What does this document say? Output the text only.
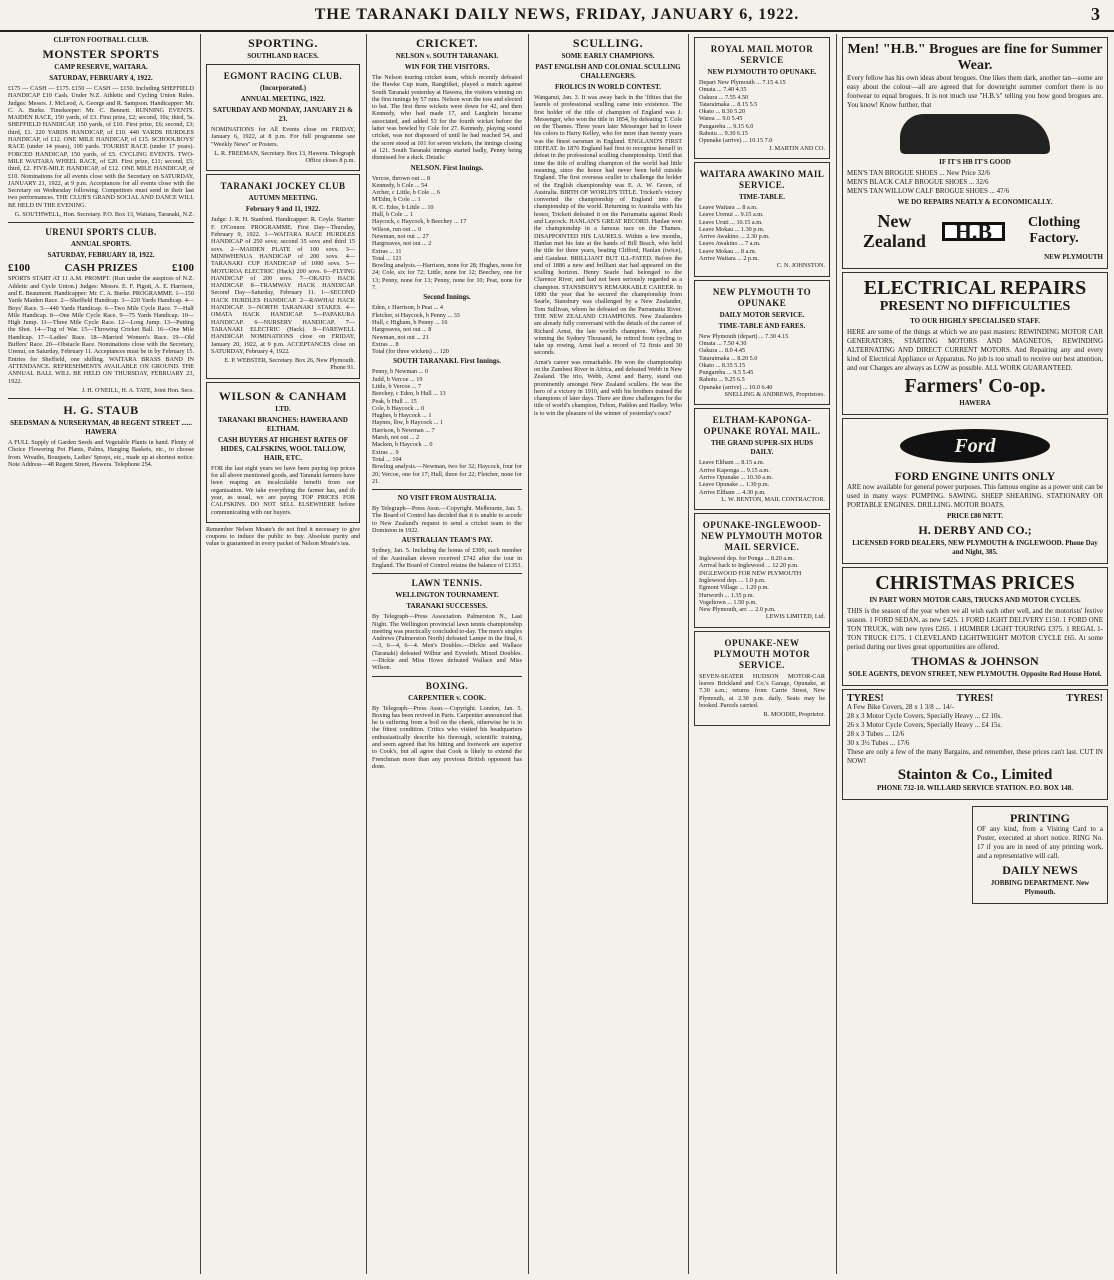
THE TARANAKI DAILY NEWS, FRIDAY, JANUARY 6, 1922.	3
CLIFTON FOOTBALL CLUB.
MONSTER SPORTS
CAMP RESERVE, WAITARA.
SATURDAY, FEBRUARY 4, 1922.

£175 — CASH — £175. £150 — CASH — £150. Including SHEFFIELD HANDICAP £10 Cash. Under N.Z. Athletic and Cycling Union Rules. Judges: Messrs. J. McLeod, A. George and R. Sampson. Handicapper: Mr. C. A. Burke. Timekeeper: Mr. C. Bennett. RUNNING EVENTS. MAIDEN RACE, 150 yards, of £3. First prize, £2; second, 10s; third, 5s. SHEFFIELD HANDICAP, 150 yards, of £10. First prize, £6; second, £3; third, £1. 220 YARDS HANDICAP, of £10. 440 YARDS HURDLES HANDICAP, of £12. ONE MILE HANDICAP, of £15. SCHOOLBOYS' RACE (under 14 years), 100 yards. TOURIST RACE (under 17 years). FORCED HANDICAP, 150 yards, of £5. CYCLING EVENTS. TWO-MILE WAITARA WHEEL RACE, of £20. First prize, £11; second, £5; third, £2. FIVE-MILE HANDICAP, of £12. ONE MILE HANDICAP, of £10. Nominations for all events close with the Secretary on SATURDAY, JANUARY 21, 1922, at 9 p.m. Acceptances for all events close with the Secretary on Wednesday following. Competitors must send in their last two performances. THE CLUB'S GRAND SOCIAL AND DANCE WILL BE HELD IN THE EVENING.

G. SOUTHWELL, Hon. Secretary. P.O. Box 13, Waitara, Taranaki, N.Z.

URENUI SPORTS CLUB.
ANNUAL SPORTS.
SATURDAY, FEBRUARY 18, 1922.
£100	CASH PRIZES	£100

SPORTS START AT 11 A.M. PROMPT. (Run under the auspices of N.Z. Athletic and Cycle Union.) Judges: Messrs. E. F. Pigott, A. E. Harrison, and E. Beaumont. Handicapper: Mr. C. A. Burke. PROGRAMME. 1—150 Yards Maiden Race. 2—Sheffield Handicap. 3—220 Yards Handicap. 4—Boys' Race. 5—440 Yards Handicap. 6—Two Mile Cycle Race. 7—Half Mile Handicap. 8—One Mile Cycle Race. 9—75 Yards Handicap. 10—High Jump. 11—Three Mile Cycle Race. 12—Long Jump. 13—Putting the Shot. 14—Tug of War. 15—Throwing Cricket Ball. 16—One Mile Handicap. 17—Ladies' Race. 18—Married Women's Race. 19—Old Buffers' Race. 20—Obstacle Race. Nominations close with the Secretary, Urenui, on Saturday, February 11. Acceptances must be in by February 15. Entries for Sheffield, one shilling. WAITARA BRASS BAND IN ATTENDANCE. REFRESHMENTS AVAILABLE ON GROUND. THE ANNUAL BALL WILL BE HELD ON THURSDAY, FEBRUARY 23, 1922.

J. H. O'NEILL, H. A. TATE, Joint Hon. Secs.

H. G. STAUB
SEEDSMAN & NURSERYMAN, 48 REGENT STREET ...... HAWERA

A FULL Supply of Garden Seeds and Vegetable Plants in hand. Plenty of Choice Flowering Pot Plants, Palms, Hanging Baskets, etc., to choose from. Wreaths, Bouquets, Ladies' Sprays, etc., made up at shortest notice. Note Address—48 Regent Street, Hawera. Telephone 254.

SPORTING.
SOUTHLAND RACES.
EGMONT RACING CLUB.
(Incorporated.)
ANNUAL MEETING, 1922.
SATURDAY AND MONDAY, JANUARY 21 & 23.

NOMINATIONS for All Events close on FRIDAY, January 6, 1922, at 8 p.m. For full programme see "Weekly News" or Posters.

L. R. FREEMAN, Secretary. Box 13, Hawera. Telegraph Office closes 8 p.m.

TARANAKI JOCKEY CLUB
AUTUMN MEETING.
February 9 and 11, 1922.

Judge: J. R. H. Stanford. Handicapper: R. Coyle. Starter: F. O'Connor. PROGRAMME. First Day—Thursday, February 9, 1922. 1—WAITARA RACE HURDLES HANDICAP of 250 sovs; second 35 sovs and third 15 sovs. 2—MAIDEN PLATE of 100 sovs. 3—MINIWHENUA HANDICAP of 200 sovs. 4—TARANAKI CUP HANDICAP of 1000 sovs. 5—MOTUROA ELECTRIC (Hack) 200 sovs. 6—FLYING HANDICAP of 200 sovs. 7—OKATO HACK HANDICAP. 8—TRAMWAY HACK HANDICAP. Second Day—Saturday, February 11. 1—SECOND HACK HURDLES HANDICAP. 2—RAWHAI HACK HANDICAP. 3—NORTH TARANAKI STAKES. 4—OMATA HACK HANDICAP. 5—PAPAKURA HANDICAP. 6—NURSERY HANDICAP. 7—TARANAKI ELECTRIC (Hack). 8—FAREWELL HANDICAP. NOMINATIONS close on FRIDAY, January 20, 1922, at 9 p.m. ACCEPTANCES close on SATURDAY, February 4, 1922.

E. P. WEBSTER, Secretary. Box 26, New Plymouth. Phone 91.

WILSON & CANHAM
LTD.
TARANAKI BRANCHES: HAWERA AND ELTHAM.
CASH BUYERS AT HIGHEST RATES OF HIDES, CALFSKINS, WOOL TALLOW, HAIR, ETC.

FOR the last eight years we have been paying top prices for all above mentioned goods, and Taranaki farmers have been reaping an incalculable benefit from our organisation. We take everything the farmer has, and th year, as usual, we are paying TOP PRICES FOR CALFSKINS. DO NOT SELL ELSEWHERE before communicating with our buyers.

Remember Nelson Moate's do not find it necessary to give coupons to induce the public to buy. Absolute purity and value is guaranteed in every packet of Nelson Moate's tea.

CRICKET.
NELSON v. SOUTH TARANAKI.
WIN FOR THE VISITORS.

The Nelson touring cricket team, which recently defeated the Hawke Cup team, Rangitikei, played a match against South Taranaki yesterday at Hawera, the visitors winning on the first innings by 57 runs. Nelson won the toss and elected to bat. The first three wickets were down for 42, and then Kennedy, who had made 17, and Langbein became associated, and added 53 for the fourth wicket before the latter was bowled by Cole for 27. Kennedy, playing sound cricket, was not dispossed of until he had reached 54, and the score stood at 101 for seven wickets, the innings closing at 121. South Taranaki innings started badly, Penny being dismissed for a duck. Details:

NELSON. First Innings.
Vercoe, thrown out ... 8
Kennedy, b Cole ... 54
Archer, c Little, b Cole ... 6
M'Edm, b Cole ... 1
R. C. Edes, b Little ... 10
Hull, b Cole ... 1
Haycock, c Haycock, b Beechey ... 17
Wilson, run out ... 0
Newman, not out ... 27
Hargreaves, not out ... 2
Extras ... 11
Total ... 121

Bowling analysis.—Harrison, none for 28; Hughes, none for 24; Cole, six for 72; Little, none for 12; Beechey, one for 13; Penny, none for 13; Penny, none for 10; Peat, none for 7.

Second Innings.
Eden, c Harrison, b Peat ... 4
Fletcher, st Haycock, b Penny ... 33
Hull, c Higham, b Penny ... 16
Hargreaves, not out ... 8
Newman, not out ... 21
Extras ... 8
Total (for three wickets) ... 120
SOUTH TARANAKI. First Innings.
Penny, b Newman ... 0
Judd, b Vercoe ... 19
Little, b Vercoe ... 7
Beechey, c Eden, b Hull ... 13
Peak, b Hull ... 15
Cole, b Haycock ... 0
Hughes, b Haycock ... 1
Haynes, lbw, b Haycock ... 1
Harrison, b Newman ... 7
Marsh, not out ... 2
Macken, b Haycock ... 0
Extras ... 9
Total ... 104

Bowling analysis.—Newman, two for 32; Haycock, four for 20; Vercoe, one for 17; Hull, three for 22; Fletcher, none for 21.

NO VISIT FROM AUSTRALIA.

By Telegraph—Press Assn.—Copyright. Melbourne, Jan. 5. The Board of Control has decided that it is unable to accede to New Zealand's request to send a cricket team to the Dominion in 1922.

AUSTRALIAN TEAM'S PAY.

Sydney, Jan. 5. Including the bonus of £300, each member of the Australian eleven received £742 after the tour in England. The Board of Control retains the balance of £1353.

LAWN TENNIS.
WELLINGTON TOURNAMENT.
TARANAKI SUCCESSES.

By Telegraph—Press Association. Palmerston N., Last Night. The Wellington provincial lawn tennis championship meeting was practically concluded to-day. The men's singles Andrews (Palmerston North) defeated Lampe in the final, 6—3, 6—4, 6—4. Men's Doubles.—Dickie and Wallace (Taranaki) defeated Wilbur and Eyveleth. Mixed Doubles.—Dickie and Miss Howe defeated Wallace and Miss Wilson.

BOXING.
CARPENTIER v. COOK.

By Telegraph—Press Assn.—Copyright. London, Jan. 5. Boxing has been revived in Paris. Carpentier announced that he is suffering from a boil on the cheek, otherwise he is in the fittest condition. Critics who visited his headquarters enthusiastically describe his thorough, scientific training, and seem agreed that his hitting and footwork are superior to Cook's, but all agree that Cook is likely to extend the Frenchman more than any previous British opponent has done.

SCULLING.
SOME EARLY CHAMPIONS.
PAST ENGLISH AND COLONIAL SCULLING CHALLENGERS.
FROLICS IN WORLD CONTEST.

Wanganui, Jan. 3. It was away back in the 'fifties that the laurels of professional sculling came into existence. The first holder of the title of champion of England was J. Messenger, who won the title in 1854, by defeating T. Cole on the Thames. Three years later Messenger had to lower his colors to Harry Kelley, who for more than twenty years was the finest oarsman in England. ENGLAND'S FIRST DEFEAT. In 1876 England had first to recognise herself in defeat in the professional sculling championship. Until that time the title of sculling champion of the world had little meaning, since the honor had never been held outside England. The first overseas sculler to challenge the holder of the English championship was E. A. W. Green, of Australia. BIRTH OF WORLD'S TITLE. Trickett's victory converted the championship of England into the championship of the world. Returning to Australia with his honor, Trickett defeated it on the Parramatta against Rush and Laycock. HANLAN'S GREAT RECORD. Hanlan won the championship in a famous race on the Thames. DISAPPOINTED HIS LAURELS. Within a few months, Hanlan met his fate at the hands of Bill Beach, who held the title for three years, beating Clifford, Hanlan (twice), and Gaudaur. BRILLIANT BUT ILL-FATED. Before the end of 1886 a new and brilliant star had appeared on the sculling horizon. Henry Searle had belonged to the Clarence River, and had not been seriously regarded as a champion. STANSBURY'S REMARKABLE CAREER. In 1890 the year that he secured the championship from Searle, Stansbury was challenged by a New Zealander, Tom Sullivan, whom he defeated on the Parramatta River. THE NEW ZEALAND CHAMPIONS. New Zealanders are already fully conversant with the details of the career of Richard Arnst, the late world's champion. When, after winning the Sydney Thousand, he retired from cycling to take up rowing, Arnst had a record of 72 firsts and 30 seconds.

Arnst's career was remarkable. He won the championship on the Zambesi River in Africa, and defeated Webb in New Zealand. The trio, Webb, Arnst and Barry, stand out prominently amongst New Zealand scullers. He was the hero of a victory in 1910, and with his brothers trained the champions of later days. There are three challengers for the title of world's champion, Felton, Paddon and Hadley. Who is to win the pleasure of the winner of yesterday's race?

ROYAL MAIL MOTOR SERVICE
NEW PLYMOUTH TO OPUNAKE.
Depart New Plymouth ... 7.15 4.15
Omata ... 7.40 4.35
Oakura ... 7.55 4.50
Tataraimaka ... 8.15 5.5
Okato ... 8.30 5.20
Warea ... 9.0 5.45
Pungarehu ... 9.15 6.0
Rahotu ... 9.30 6.15
Opunake (arrive) ... 10.15 7.0

J. MARTIN AND CO.

WAITARA AWAKINO MAIL SERVICE.
TIME-TABLE.
Leave Waitara ... 8 a.m.
Leave Urenui ... 9.15 a.m.
Leave Uruti ... 10.15 a.m.
Leave Mokau ... 1.30 p.m.
Arrive Awakino ... 2.30 p.m.
Leave Awakino ... 7 a.m.
Leave Mokau ... 8 a.m.
Arrive Waitara ... 2 p.m.

C. N. JOHNSTON.

NEW PLYMOUTH TO OPUNAKE
DAILY MOTOR SERVICE.
TIME-TABLE AND FARES.
New Plymouth (depart) ... 7.30 4.15
Omata ... 7.50 4.30
Oakura ... 8.0 4.45
Tataraimaka ... 8.20 5.0
Okato ... 8.35 5.15
Pungarehu ... 9.5 5.45
Rahotu ... 9.25 6.5
Opunake (arrive) ... 10.0 6.40

SNELLING & ANDREWS, Proprietors.

ELTHAM-KAPONGA-OPUNAKE ROYAL MAIL.
THE GRAND SUPER-SIX HUDS DAILY.
Leave Eltham ... 8.15 a.m.
Arrive Kaponga ... 9.15 a.m.
Arrive Opunake ... 10.30 a.m.
Leave Opunake ... 1.30 p.m.
Arrive Eltham ... 4.30 p.m.

L. W. BENTON, MAIL CONTRACTOR.

OPUNAKE-INGLEWOOD-NEW PLYMOUTH MOTOR MAIL SERVICE.
Inglewood dep. for Ponga ... 8.20 a.m.
Arrival back to Inglewood ... 12.20 p.m.
INGLEWOOD FOR NEW PLYMOUTH
Inglewood dep. ... 1.0 p.m.
Egmont Village ... 1.20 p.m.
Hurworth ... 1.35 p.m.
Vogeltown ... 1.50 p.m.
New Plymouth, arr. ... 2.0 p.m.

LEWIS LIMITED, Ltd.

OPUNAKE-NEW PLYMOUTH MOTOR SERVICE.

SEVEN-SEATER HUDSON MOTOR-CAR leaves Brickland and Co.'s Garage, Opunake, at 7.30 a.m.; returns from Carrie Street, New Plymouth, at 2.30 p.m. daily. Seats may be booked. Parcels carried.

R. MOODIE, Proprietor.

Men! "H.B." Brogues are fine for Summer Wear.

Every fellow has his own ideas about brogues. One likes them dark, another tan—some are easy about the colour—all are agreed that for downright summer comfort there is no footwear to equal brogues. It is not much use "H.B.'s" telling you how good brogues are. You know! Know further, that

IF IT'S HB IT'S GOOD
MEN'S TAN BROGUE SHOES ... New Price 32/6
MEN'S BLACK CALF BROGUE SHOES ... 32/6
MEN'S TAN WILLOW CALF BROGUE SHOES ... 47/6
WE DO REPAIRS NEATLY & ECONOMICALLY.
New Zealand	H.B	Clothing Factory.
NEW PLYMOUTH
ELECTRICAL REPAIRS
PRESENT NO DIFFICULTIES
TO OUR HIGHLY SPECIALISED STAFF.

HERE are some of the things at which we are past masters: REWINDING MOTOR CAR GENERATORS, STARTING MOTORS AND MAGNETOS, REWINDING ALTERNATING AND DIRECT CURRENT MOTORS. And Repairing any and every kind of Electrical Appliance or Apparatus. No job is too small to receive our best attention, and our Charges are always as LOW as possible. ALL WORK GUARANTEED.

Farmers' Co-op.
HAWERA
Ford
FORD ENGINE UNITS ONLY

ARE now available for general power purposes. This famous engine as a power unit can be used in many ways: PUMPING. SAWING. SHEEP SHEARING. STATIONARY OR PORTABLE ENGINES. DRILLING. MOTOR BOATS.

PRICE £80 NETT.
H. DERBY AND CO.;
LICENSED FORD DEALERS, NEW PLYMOUTH & INGLEWOOD. Phone Day and Night, 385.
CHRISTMAS PRICES
IN PART WORN MOTOR CARS, TRUCKS AND MOTOR CYCLES.

THIS is the season of the year when we all wish each other well, and the motorists' festive season. 1 FORD SEDAN, as new £425. 1 FORD LIGHT DELIVERY £150. 1 FORD ONE TON TRUCK, with new tyres £265. 1 HUMBER LIGHT TOURING £375. 1 REGAL 1-TON TRUCK £175. 1 CLEVELAND LIGHTWEIGHT MOTOR CYCLE £65. At some period during our lives great opportunities are offered.

THOMAS & JOHNSON
SOLE AGENTS, DEVON STREET, NEW PLYMOUTH. Opposite Red House Hotel.
TYRES!	TYRES!	TYRES!
A Few Bike Covers, 28 x 1 3/8 ... 14/-
28 x 3 Motor Cycle Covers, Specially Heavy ... £2 10s.
26 x 3 Motor Cycle Covers, Specially Heavy ... £4 15s.
28 x 3 Tubes ... 12/6
30 x 3½ Tubes ... 17/6

These are only a few of the many Bargains, and remember, these prices can't last. CUT IN NOW!

Stainton & Co., Limited
PHONE 732-10. WILLARD SERVICE STATION. P.O. BOX 148.
PRINTING

OF any kind, from a Visiting Card to a Poster, executed at short notice. RING No. 17 if you are in need of any printing work, and a representative will call.

DAILY NEWS
JOBBING DEPARTMENT. New Plymouth.
